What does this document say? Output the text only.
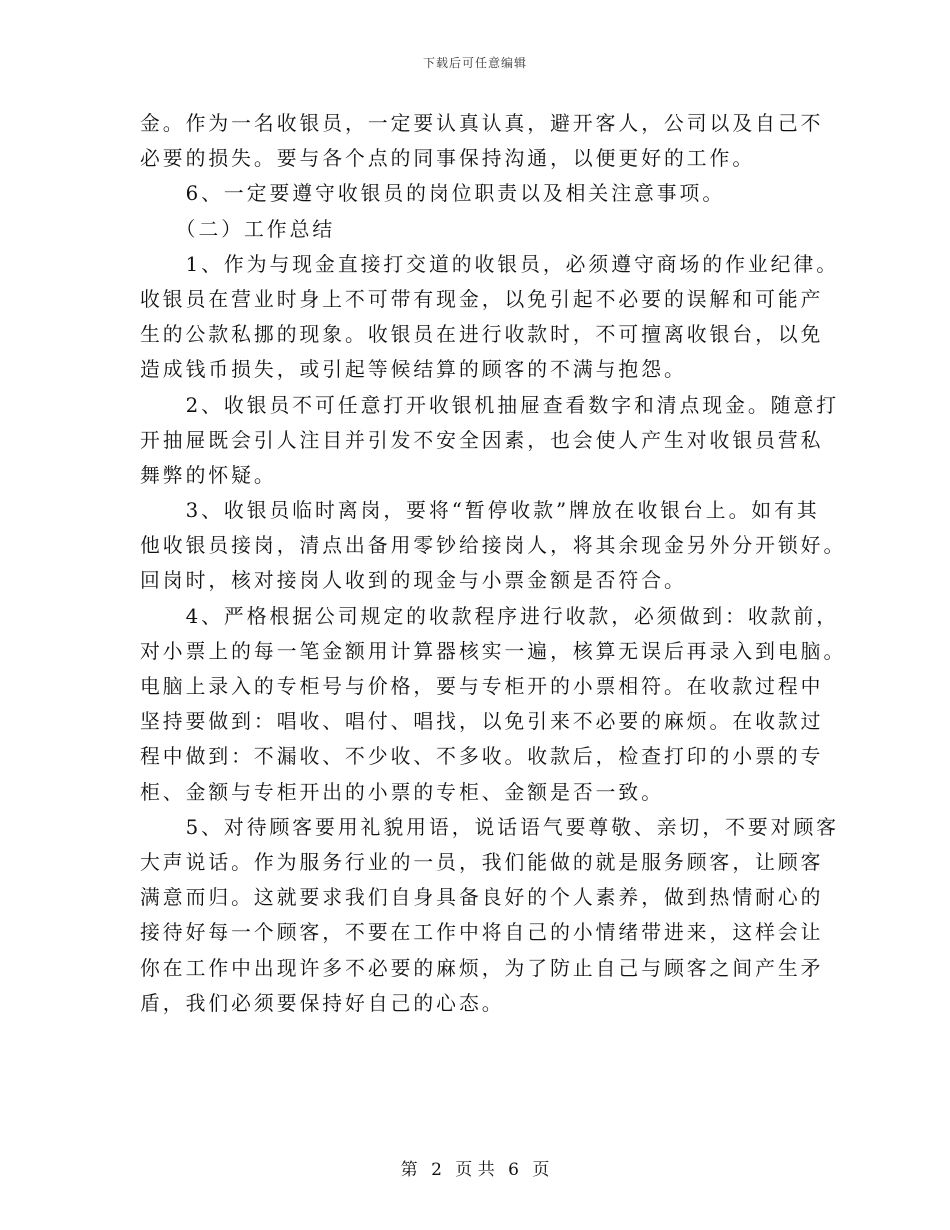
下载后可任意编辑
金。作为一名收银员，一定要认真认真，避开客人，公司以及自己不
必要的损失。要与各个点的同事保持沟通，以便更好的工作。
　　6、一定要遵守收银员的岗位职责以及相关注意事项。
　　（二）工作总结
　　1、作为与现金直接打交道的收银员，必须遵守商场的作业纪律。
收银员在营业时身上不可带有现金，以免引起不必要的误解和可能产
生的公款私挪的现象。收银员在进行收款时，不可擅离收银台，以免
造成钱币损失，或引起等候结算的顾客的不满与抱怨。
　　2、收银员不可任意打开收银机抽屉查看数字和清点现金。随意打
开抽屉既会引人注目并引发不安全因素，也会使人产生对收银员营私
舞弊的怀疑。
　　3、收银员临时离岗，要将“暂停收款”牌放在收银台上。如有其
他收银员接岗，清点出备用零钞给接岗人，将其余现金另外分开锁好。
回岗时，核对接岗人收到的现金与小票金额是否符合。
　　4、严格根据公司规定的收款程序进行收款，必须做到：收款前，
对小票上的每一笔金额用计算器核实一遍，核算无误后再录入到电脑。
电脑上录入的专柜号与价格，要与专柜开的小票相符。在收款过程中
坚持要做到：唱收、唱付、唱找，以免引来不必要的麻烦。在收款过
程中做到：不漏收、不少收、不多收。收款后，检查打印的小票的专
柜、金额与专柜开出的小票的专柜、金额是否一致。
　　5、对待顾客要用礼貌用语，说话语气要尊敬、亲切，不要对顾客
大声说话。作为服务行业的一员，我们能做的就是服务顾客，让顾客
满意而归。这就要求我们自身具备良好的个人素养，做到热情耐心的
接待好每一个顾客，不要在工作中将自己的小情绪带进来，这样会让
你在工作中出现许多不必要的麻烦，为了防止自己与顾客之间产生矛
盾，我们必须要保持好自己的心态。
第 2 页 共 6 页
